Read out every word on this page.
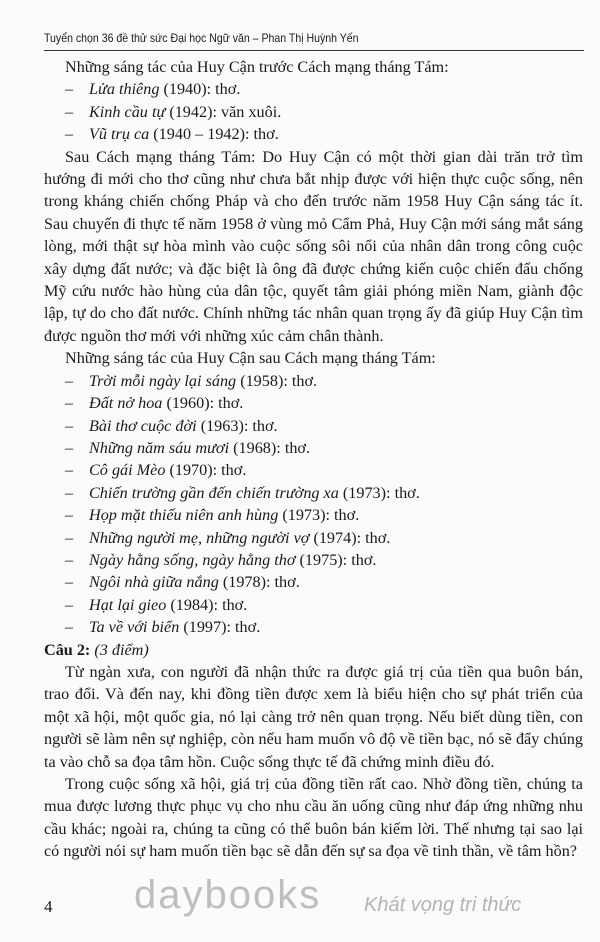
Tuyển chọn 36 đề thử sức Đại học Ngữ văn – Phan Thị Huỳnh Yến

Những sáng tác của Huy Cận trước Cách mạng tháng Tám:

– Lửa thiêng (1940): thơ.
– Kinh cầu tự (1942): văn xuôi.
– Vũ trụ ca (1940 – 1942): thơ.

Sau Cách mạng tháng Tám: Do Huy Cận có một thời gian dài trăn trở tìm hướng đi mới cho thơ cũng như chưa bắt nhịp được với hiện thực cuộc sống, nên trong kháng chiến chống Pháp và cho đến trước năm 1958 Huy Cận sáng tác ít. Sau chuyến đi thực tế năm 1958 ở vùng mỏ Cẩm Phả, Huy Cận mới sáng mắt sáng lòng, mới thật sự hòa mình vào cuộc sống sôi nổi của nhân dân trong công cuộc xây dựng đất nước; và đặc biệt là ông đã được chứng kiến cuộc chiến đấu chống Mỹ cứu nước hào hùng của dân tộc, quyết tâm giải phóng miền Nam, giành độc lập, tự do cho đất nước. Chính những tác nhân quan trọng ấy đã giúp Huy Cận tìm được nguồn thơ mới với những xúc cảm chân thành.

Những sáng tác của Huy Cận sau Cách mạng tháng Tám:

– Trời mỗi ngày lại sáng (1958): thơ.
– Đất nở hoa (1960): thơ.
– Bài thơ cuộc đời (1963): thơ.
– Những năm sáu mươi (1968): thơ.
– Cô gái Mèo (1970): thơ.
– Chiến trường gần đến chiến trường xa (1973): thơ.
– Họp mặt thiếu niên anh hùng (1973): thơ.
– Những người mẹ, những người vợ (1974): thơ.
– Ngày hằng sống, ngày hằng thơ (1975): thơ.
– Ngôi nhà giữa nắng (1978): thơ.
– Hạt lại gieo (1984): thơ.
– Ta về với biển (1997): thơ.

Câu 2: (3 điểm)

Từ ngàn xưa, con người đã nhận thức ra được giá trị của tiền qua buôn bán, trao đổi. Và đến nay, khi đồng tiền được xem là biểu hiện cho sự phát triển của một xã hội, một quốc gia, nó lại càng trở nên quan trọng. Nếu biết dùng tiền, con người sẽ làm nên sự nghiệp, còn nếu ham muốn vô độ về tiền bạc, nó sẽ đẩy chúng ta vào chỗ sa đọa tâm hồn. Cuộc sống thực tế đã chứng minh điều đó.

Trong cuộc sống xã hội, giá trị của đồng tiền rất cao. Nhờ đồng tiền, chúng ta mua được lương thực phục vụ cho nhu cầu ăn uống cũng như đáp ứng những nhu cầu khác; ngoài ra, chúng ta cũng có thể buôn bán kiếm lời. Thế nhưng tại sao lại có người nói sự ham muốn tiền bạc sẽ dẫn đến sự sa đọa về tinh thần, về tâm hồn?

4	daybooks	Khát vọng tri thức
